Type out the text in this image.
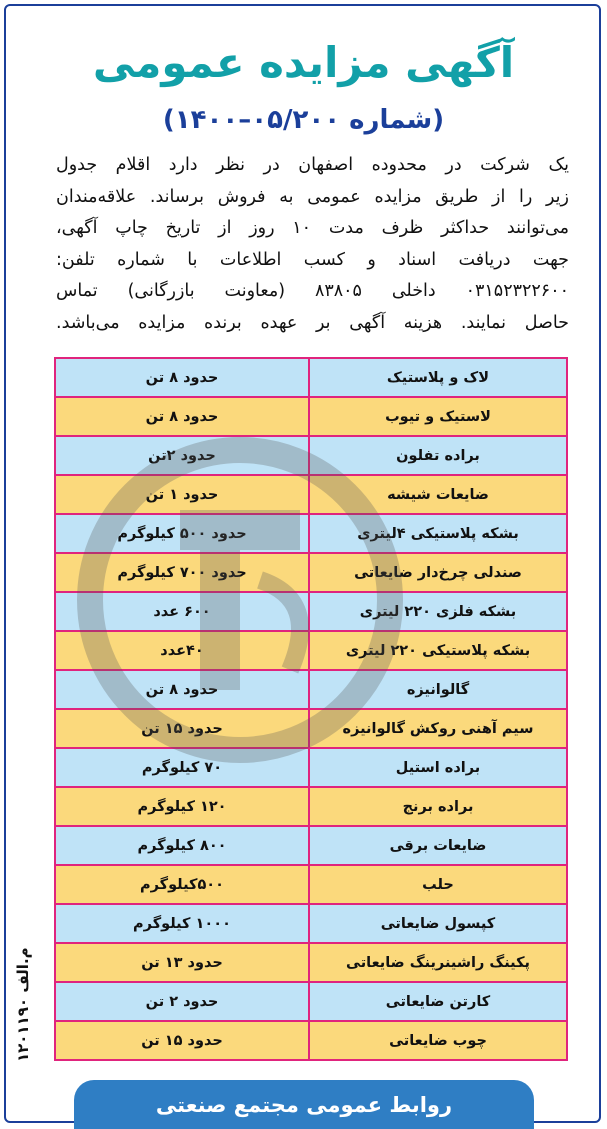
آگهی مزایده عمومی
(شماره ۰۵/۲۰۰–۱۴۰۰)
یک شرکت در محدوده اصفهان در نظر دارد اقلام جدول
زیر را از طریق مزایده عمومی به فروش برساند. علاقه‌مندان
می‌توانند حداکثر ظرف مدت ۱۰ روز از تاریخ چاپ آگهی،
جهت دریافت اسناد و کسب اطلاعات با شماره تلفن:
۰۳۱۵۲۳۲۲۶۰۰ داخلی ۸۳۸۰۵ (معاونت بازرگانی) تماس
حاصل نمایند. هزینه آگهی بر عهده برنده مزایده می‌باشد.
لاک و پلاستیک
حدود ۸ تن
لاستیک و تیوب
حدود ۸ تن
براده تفلون
حدود ۲تن
ضایعات شیشه
حدود ۱ تن
بشکه پلاستیکی ۴لیتری
حدود ۵۰۰ کیلوگرم
صندلی چرخ‌دار ضایعاتی
حدود ۷۰۰ کیلوگرم
بشکه فلزی ۲۲۰ لیتری
۶۰۰ عدد
بشکه پلاستیکی ۲۲۰ لیتری
۴۰عدد
گالوانیزه
حدود ۸ تن
سیم آهنی روکش گالوانیزه
حدود ۱۵ تن
براده استیل
۷۰ کیلوگرم
براده برنج
۱۲۰ کیلوگرم
ضایعات برقی
۸۰۰ کیلوگرم
حلب
۵۰۰کیلوگرم
کپسول ضایعاتی
۱۰۰۰ کیلوگرم
پکینگ راشینرینگ ضایعاتی
حدود ۱۳ تن
کارتن ضایعاتی
حدود ۲ تن
چوب ضایعاتی
حدود ۱۵ تن
م.الف ۱۲۰۱۱۹۰
روابط عمومی مجتمع صنعتی
